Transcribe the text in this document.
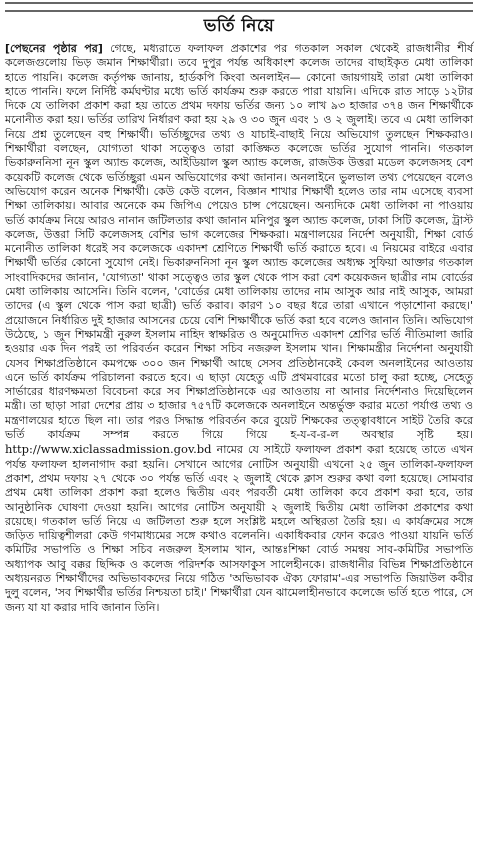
ভর্তি নিয়ে

[পেছনের পৃষ্ঠার পর] গেছে, মধ্যরাতে ফলাফল প্রকাশের পর গতকাল সকাল থেকেই রাজধানীর শীর্ষ কলেজগুলোয় ভিড় জমান শিক্ষার্থীরা। তবে দুপুর পর্যন্ত অধিকাংশ কলেজ তাদের বাছাইকৃত মেধা তালিকা হাতে পায়নি। কলেজ কর্তৃপক্ষ জানায়, হার্ডকপি কিংবা অনলাইন— কোনো জায়গায়ই তারা মেধা তালিকা হাতে পাননি। ফলে নির্দিষ্ট কর্মঘণ্টার মধ্যে ভর্তি কার্যক্রম শুরু করতে পারা যায়নি। এদিকে রাত সাড়ে ১২টার দিকে যে তালিকা প্রকাশ করা হয় তাতে প্রথম দফায় ভর্তির জন্য ১০ লাখ ৯৩ হাজার ৩৭৪ জন শিক্ষার্থীকে মনোনীত করা হয়। ভর্তির তারিখ নির্ধারণ করা হয় ২৯ ও ৩০ জুন এবং ১ ও ২ জুলাই। তবে এ মেধা তালিকা নিয়ে প্রশ্ন তুলেছেন বহু শিক্ষার্থী। ভর্তিচ্ছুদের তথ্য ও যাচাই-বাছাই নিয়ে অভিযোগ তুলছেন শিক্ষকরাও। শিক্ষার্থীরা বলছেন, যোগ্যতা থাকা সত্ত্বেও তারা কাঙ্ক্ষিত কলেজে ভর্তির সুযোগ পাননি। গতকাল ভিকারুননিসা নূন স্কুল অ্যান্ড কলেজ, আইডিয়াল স্কুল অ্যান্ড কলেজ, রাজউক উত্তরা মডেল কলেজসহ বেশ কয়েকটি কলেজ থেকে ভর্তিচ্ছুরা এমন অভিযোগের কথা জানান। অনলাইনে ভুলভাল তথ্য পেয়েছেন বলেও অভিযোগ করেন অনেক শিক্ষার্থী। কেউ কেউ বলেন, বিজ্ঞান শাখার শিক্ষার্থী হলেও তার নাম এসেছে ব্যবসা শিক্ষা তালিকায়। আবার অনেকে কম জিপিএ পেয়েও চান্স পেয়েছেন। অন্যদিকে মেধা তালিকা না পাওয়ায় ভর্তি কার্যক্রম নিয়ে আরও নানান জটিলতার কথা জানান মনিপুর স্কুল অ্যান্ড কলেজ, ঢাকা সিটি কলেজ, ট্রাস্ট কলেজ, উত্তরা সিটি কলেজসহ বেশির ভাগ কলেজের শিক্ষকরা। মন্ত্রণালয়ের নির্দেশ অনুযায়ী, শিক্ষা বোর্ড মনোনীত তালিকা ধরেই সব কলেজকে একাদশ শ্রেণিতে শিক্ষার্থী ভর্তি করাতে হবে। এ নিয়মের বাইরে এবার শিক্ষার্থী ভর্তির কোনো সুযোগ নেই। ভিকারুননিসা নূন স্কুল অ্যান্ড কলেজের অধ্যক্ষ সুফিয়া আক্তার গতকাল সাংবাদিকদের জানান, 'যোগ্যতা' থাকা সত্ত্বেও তার স্কুল থেকে পাস করা বেশ কয়েকজন ছাত্রীর নাম বোর্ডের মেধা তালিকায় আসেনি। তিনি বলেন, 'বোর্ডের মেধা তালিকায় তাদের নাম আসুক আর নাই আসুক, আমরা তাদের (এ স্কুল থেকে পাস করা ছাত্রী) ভর্তি করাব। কারণ ১০ বছর ধরে তারা এখানে পড়াশোনা করছে।' প্রয়োজনে নির্ধারিত দুই হাজার আসনের চেয়ে বেশি শিক্ষার্থীকে ভর্তি করা হবে বলেও জানান তিনি। অভিযোগ উঠেছে, ১ জুন শিক্ষামন্ত্রী নুরুল ইসলাম নাহিদ স্বাক্ষরিত ও অনুমোদিত একাদশ শ্রেণির ভর্তি নীতিমালা জারি হওয়ার এক দিন পরই তা পরিবর্তন করেন শিক্ষা সচিব নজরুল ইসলাম খান। শিক্ষামন্ত্রীর নির্দেশনা অনুযায়ী যেসব শিক্ষাপ্রতিষ্ঠানে কমপক্ষে ৩০০ জন শিক্ষার্থী আছে সেসব প্রতিষ্ঠানকেই কেবল অনলাইনের আওতায় এনে ভর্তি কার্যক্রম পরিচালনা করতে হবে। এ ছাড়া যেহেতু এটি প্রথমবারের মতো চালু করা হচ্ছে, সেহেতু সার্ভারের ধারণক্ষমতা বিবেচনা করে সব শিক্ষাপ্রতিষ্ঠানকে এর আওতায় না আনার নির্দেশনাও দিয়েছিলেন মন্ত্রী। তা ছাড়া সারা দেশের প্রায় ৩ হাজার ৭৫৭টি কলেজকে অনলাইনে অন্তর্ভুক্ত করার মতো পর্যাপ্ত তথ্য ও মন্ত্রণালয়ের হাতে ছিল না। তার পরও সিদ্ধান্ত পরিবর্তন করে বুয়েট শিক্ষকের তত্ত্বাবধানে সাইট তৈরি করে ভর্তি কার্যক্রম সম্পন্ন করতে গিয়ে গিয়ে হ-য-ব-র-ল অবস্থার সৃষ্টি হয়। http://www.xiclassadmission.gov.bd নামের যে সাইটে ফলাফল প্রকাশ করা হয়েছে তাতে এখন পর্যন্ত ফলাফল হালনাগাদ করা হয়নি। সেখানে আগের নোটিস অনুযায়ী এখনো ২৫ জুন তালিকা-ফলাফল প্রকাশ, প্রথম দফায় ২৭ থেকে ৩০ পর্যন্ত ভর্তি এবং ২ জুলাই থেকে ক্লাস শুরুর কথা বলা হয়েছে। সোমবার প্রথম মেধা তালিকা প্রকাশ করা হলেও দ্বিতীয় এবং পরবর্তী মেধা তালিকা কবে প্রকাশ করা হবে, তার আনুষ্ঠানিক ঘোষণা দেওয়া হয়নি। আগের নোটিস অনুযায়ী ২ জুলাই দ্বিতীয় মেধা তালিকা প্রকাশের কথা রয়েছে। গতকাল ভর্তি নিয়ে এ জটিলতা শুরু হলে সংশ্লিষ্ট মহলে অস্থিরতা তৈরি হয়। এ কার্যক্রমের সঙ্গে জড়িত দায়িত্বশীলরা কেউ গণমাধ্যমের সঙ্গে কথাও বলেননি। একাধিকবার ফোন করেও পাওয়া যায়নি ভর্তি কমিটির সভাপতি ও শিক্ষা সচিব নজরুল ইসলাম খান, আন্তঃশিক্ষা বোর্ড সমন্বয় সাব-কমিটির সভাপতি অধ্যাপক আবু বক্কর ছিদ্দিক ও কলেজ পরিদর্শক আসফাকুস সালেহীনকে। রাজধানীর বিভিন্ন শিক্ষাপ্রতিষ্ঠানে অধ্যয়নরত শিক্ষার্থীদের অভিভাবকদের নিয়ে গঠিত 'অভিভাবক ঐক্য ফোরাম'-এর সভাপতি জিয়াউল কবীর দুলু বলেন, 'সব শিক্ষার্থীর ভর্তির নিশ্চয়তা চাই।' শিক্ষার্থীরা যেন ঝামেলাহীনভাবে কলেজে ভর্তি হতে পারে, সে জন্য যা যা করার দাবি জানান তিনি।
